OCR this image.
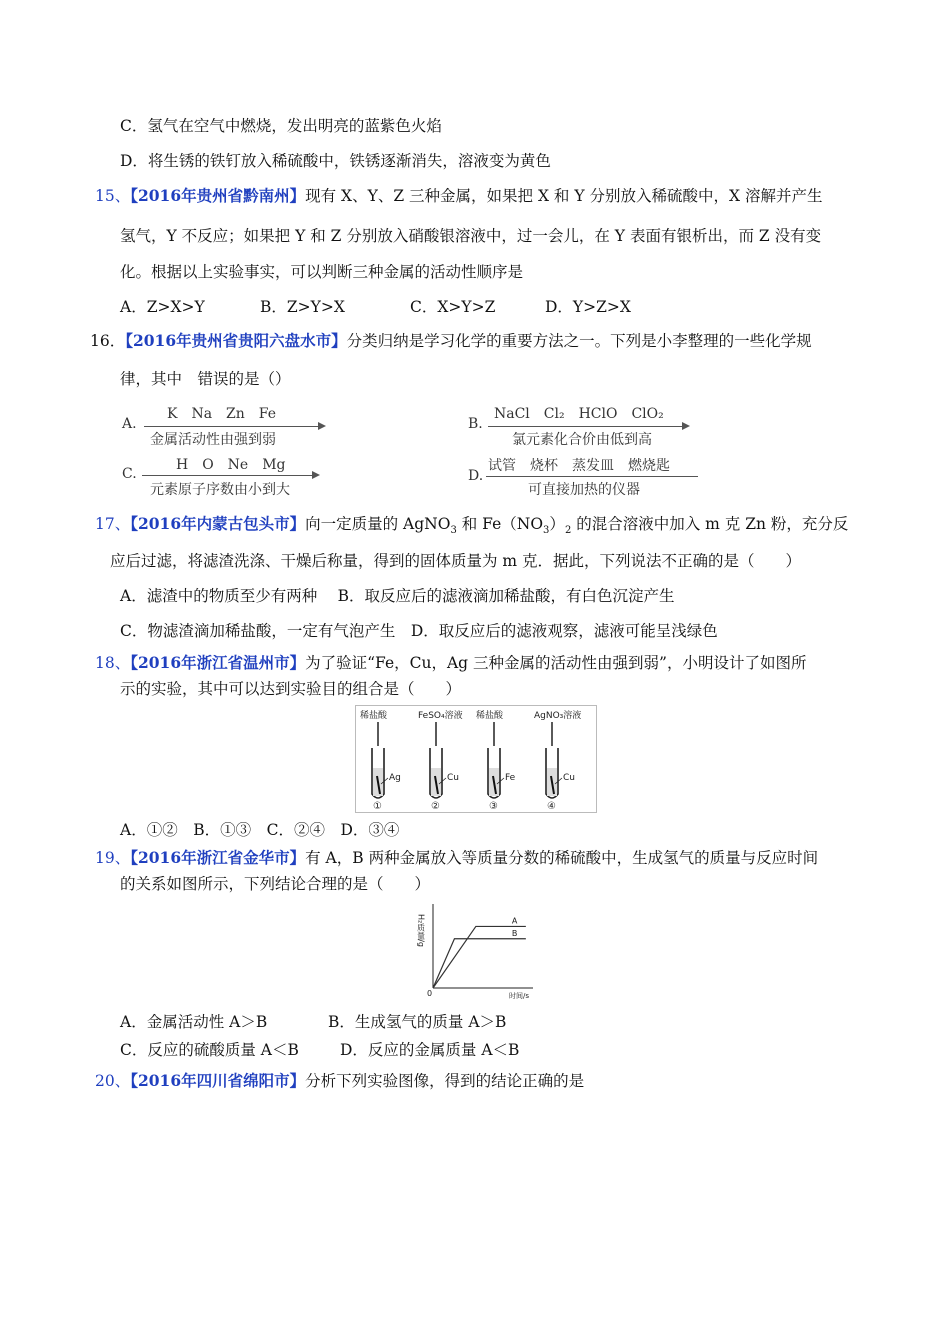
C．氢气在空气中燃烧，发出明亮的蓝紫色火焰
D．将生锈的铁钉放入稀硫酸中，铁锈逐渐消失，溶液变为黄色
15、【2016年贵州省黔南州】现有 X、Y、Z 三种金属，如果把 X 和 Y 分别放入稀硫酸中，X 溶解并产生
氢气，Y 不反应；如果把 Y 和 Z 分别放入硝酸银溶液中，过一会儿，在 Y 表面有银析出，而 Z 没有变
化。根据以上实验事实，可以判断三种金属的活动性顺序是
A．Z>X>Y	B．Z>Y>X	C．X>Y>Z	D．Y>Z>X
16．【2016年贵州省贵阳六盘水市】分类归纳是学习化学的重要方法之一。下列是小李整理的一些化学规
律，其中　错误的是（）
A.
K　Na　Zn　Fe
金属活动性由强到弱
B.
NaCl　Cl₂　HClO　ClO₂
氯元素化合价由低到高
C.
H　O　Ne　Mg
元素原子序数由小到大
D.
试管　烧杯　蒸发皿　燃烧匙
可直接加热的仪器
17、【2016年内蒙古包头市】向一定质量的 AgNO$_3$ 和 $Fe(NO_3)_2$ 的混合溶液中加入 m 克 Zn 粉，充分反
应后过滤，将滤渣洗涤、干燥后称量，得到的固体质量为 m 克．据此，下列说法不正确的是（　　）
A．滤渣中的物质至少有两种　 B．取反应后的滤液滴加稀盐酸，有白色沉淀产生
C．物滤渣滴加稀盐酸，一定有气泡产生　D．取反应后的滤液观察，滤液可能呈浅绿色
18、【2016年浙江省温州市】为了验证“Fe，Cu，Ag 三种金属的活动性由强到弱”，小明设计了如图所
示的实验，其中可以达到实验目的组合是（　　）
稀盐酸
Ag
①
FeSO₄溶液
Cu
②
稀盐酸
Fe
③
AgNO₃溶液
Cu
④
A．①②　B．①③　C．②④　D．③④
19、【2016年浙江省金华市】有 A，B 两种金属放入等质量分数的稀硫酸中，生成氢气的质量与反应时间
的关系如图所示，下列结论合理的是（　　）
H₂质量/g
时间/s
0
A
B
A．金属活动性 A＞B	B．生成氢气的质量 A＞B
C．反应的硫酸质量 A＜B	D．反应的金属质量 A＜B
20、【2016年四川省绵阳市】分析下列实验图像，得到的结论正确的是
